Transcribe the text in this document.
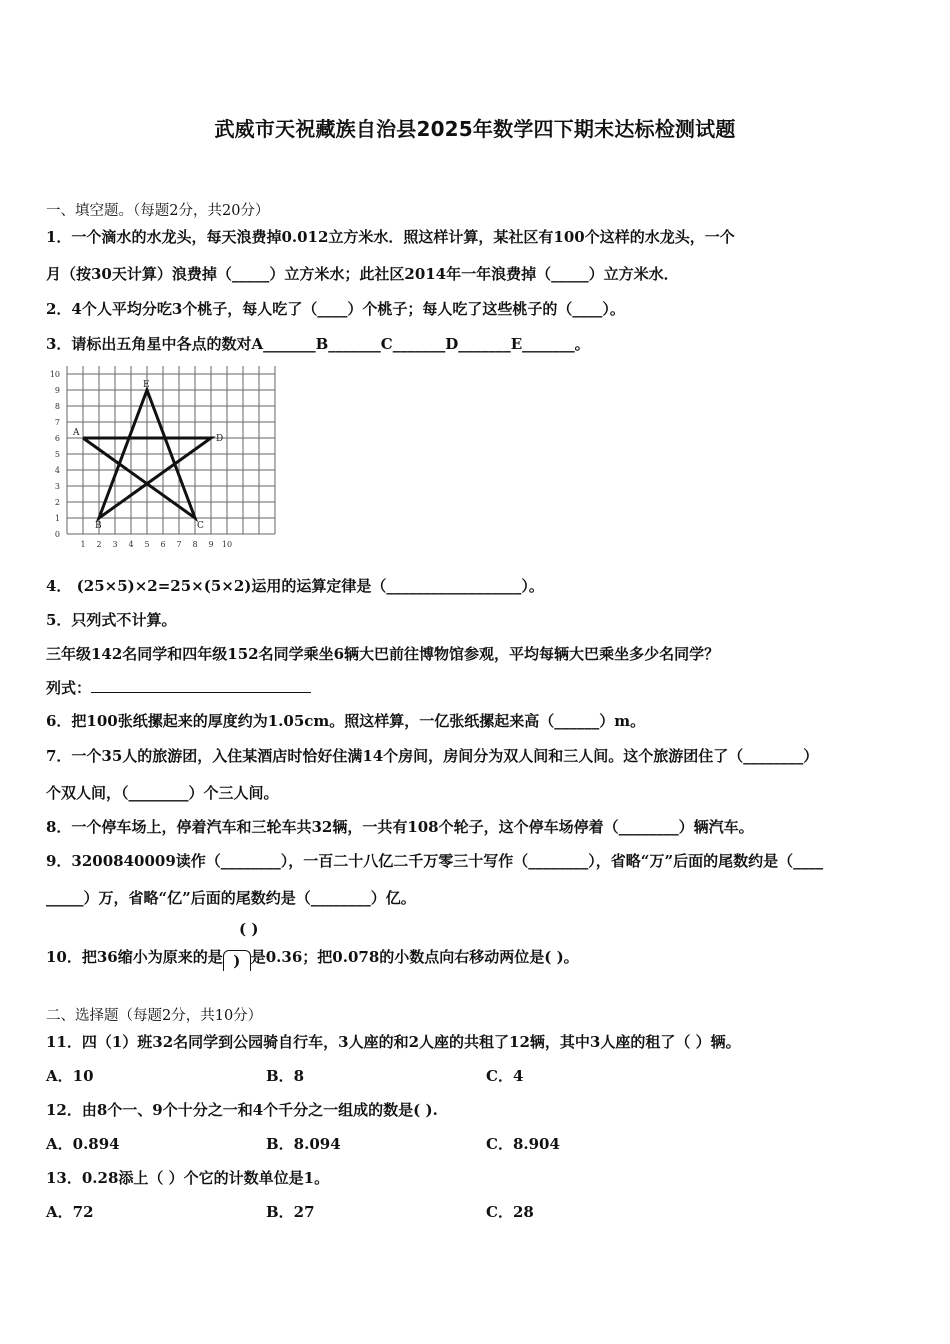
武威市天祝藏族自治县2025年数学四下期末达标检测试题
一、填空题。（每题2分，共20分）
1．一个滴水的水龙头，每天浪费掉0.012立方米水．照这样计算，某社区有100个这样的水龙头，一个
月（按30天计算）浪费掉（_____）立方米水；此社区2014年一年浪费掉（_____）立方米水．
2．4个人平均分吃3个桃子，每人吃了（____）个桃子；每人吃了这些桃子的（____）。
3．请标出五角星中各点的数对A_______B_______C_______D_______E_______。
0
1
2
3
4
5
6
7
8
9
10
1 2 3 4 5 6 7 8 9 10
A
B	C
D
E
4． (25×5)×2=25×(5×2)运用的运算定律是（__________________）。
5．只列式不计算。
三年级142名同学和四年级152名同学乘坐6辆大巴前往博物馆参观，平均每辆大巴乘坐多少名同学？
列式：
6．把100张纸摞起来的厚度约为1.05cm。照这样算，一亿张纸摞起来高（______）m。
7．一个35人的旅游团，入住某酒店时恰好住满14个房间，房间分为双人间和三人间。这个旅游团住了（________）
个双人间，（________）个三人间。
8．一个停车场上，停着汽车和三轮车共32辆，一共有108个轮子，这个停车场停着（________）辆汽车。
9．3200840009读作（________），一百二十八亿二千万零三十写作（________），省略“万”后面的尾数约是（____
_____）万，省略“亿”后面的尾数约是（________）亿。
( )
10．把36缩小为原来的是 ) 是0.36；把0.078的小数点向右移动两位是( )。
二、选择题（每题2分，共10分）
11．四（1）班32名同学到公园骑自行车，3人座的和2人座的共租了12辆，其中3人座的租了（ ）辆。
A．10	B．8	C．4
12．由8个一、9个十分之一和4个千分之一组成的数是( ).
A．0.894	B．8.094	C．8.904
13．0.28添上（ ）个它的计数单位是1。
A．72	B．27	C．28
